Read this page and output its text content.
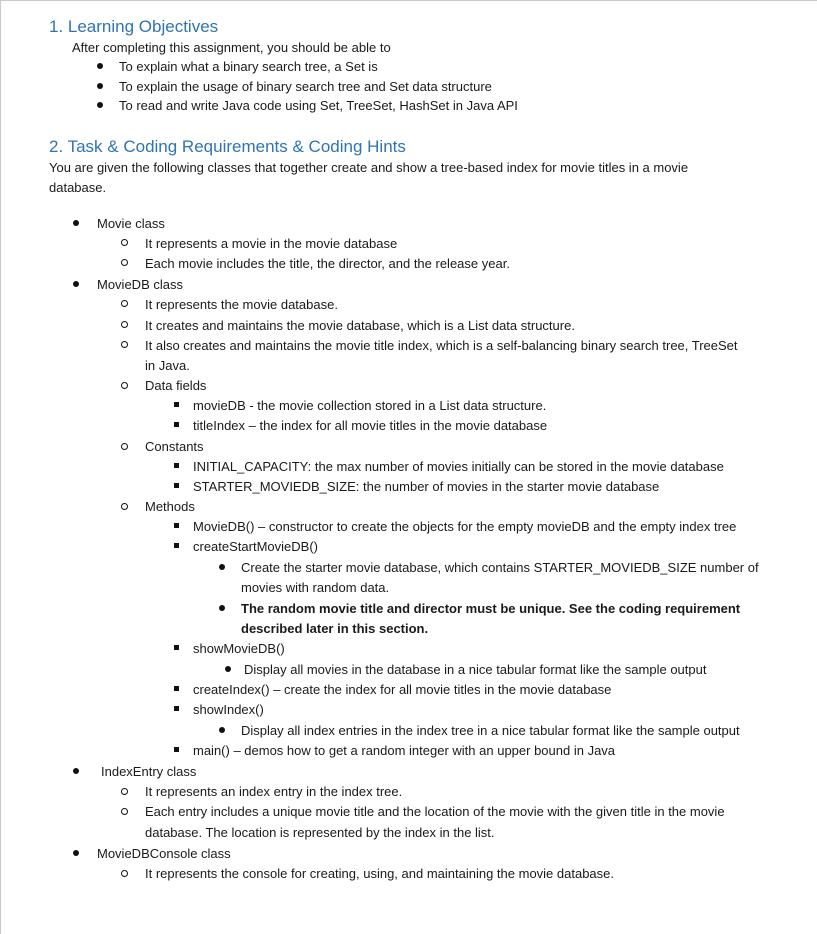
1. Learning Objectives
After completing this assignment, you should be able to
To explain what a binary search tree, a Set is
To explain the usage of binary search tree and Set data structure
To read and write Java code using Set, TreeSet, HashSet in Java API
2. Task & Coding Requirements & Coding Hints
You are given the following classes that together create and show a tree-based index for movie titles in a movie
database.
Movie class
It represents a movie in the movie database
Each movie includes the title, the director, and the release year.
MovieDB class
It represents the movie database.
It creates and maintains the movie database, which is a List data structure.
It also creates and maintains the movie title index, which is a self-balancing binary search tree, TreeSet
in Java.
Data fields
movieDB - the movie collection stored in a List data structure.
titleIndex – the index for all movie titles in the movie database
Constants
INITIAL_CAPACITY: the max number of movies initially can be stored in the movie database
STARTER_MOVIEDB_SIZE: the number of movies in the starter movie database
Methods
MovieDB() – constructor to create the objects for the empty movieDB and the empty index tree
createStartMovieDB()
Create the starter movie database, which contains STARTER_MOVIEDB_SIZE number of
movies with random data.
The random movie title and director must be unique. See the coding requirement
described later in this section.
showMovieDB()
Display all movies in the database in a nice tabular format like the sample output
createIndex() – create the index for all movie titles in the movie database
showIndex()
Display all index entries in the index tree in a nice tabular format like the sample output
main() – demos how to get a random integer with an upper bound in Java
IndexEntry class
It represents an index entry in the index tree.
Each entry includes a unique movie title and the location of the movie with the given title in the movie
database. The location is represented by the index in the list.
MovieDBConsole class
It represents the console for creating, using, and maintaining the movie database.
